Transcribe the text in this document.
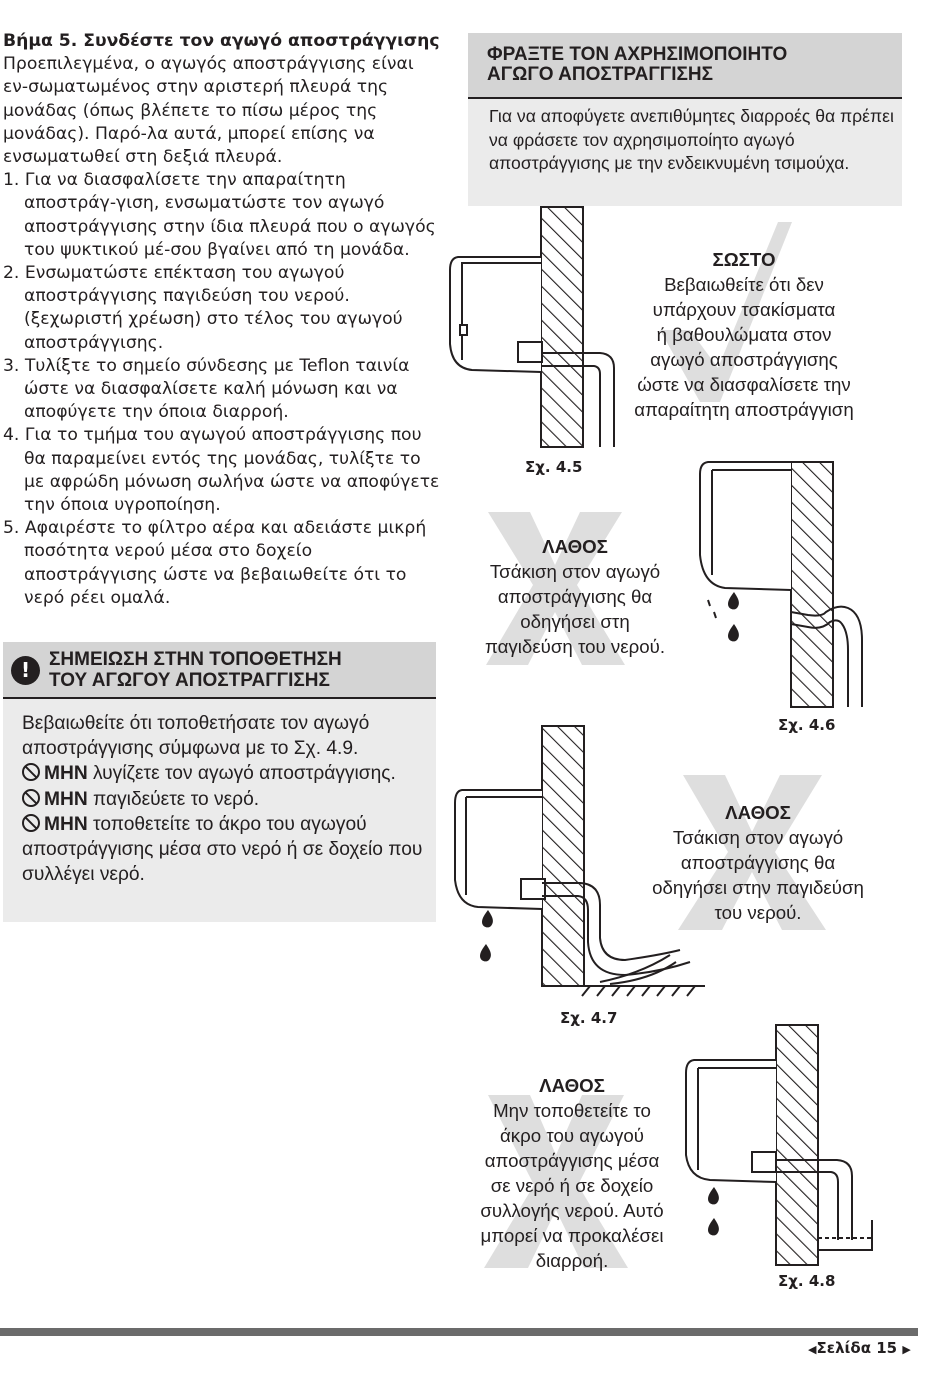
Βήμα 5. Συνδέστε τον αγωγό αποστράγγισης

Προεπιλεγμένα, ο αγωγός αποστράγγισης είναι εν-σωματωμένος στην αριστερή πλευρά της μονάδας (όπως βλέπετε το πίσω μέρος της μονάδας). Παρό-λα αυτά, μπορεί επίσης να ενσωματωθεί στη δεξιά πλευρά.

1. Για να διασφαλίσετε την απαραίτητη αποστράγ-γιση, ενσωματώστε τον αγωγό αποστράγγισης στην ίδια πλευρά που ο αγωγός του ψυκτικού μέ-σου βγαίνει από τη μονάδα.

2. Ενσωματώστε επέκταση του αγωγού αποστράγγισης παγιδεύση του νερού. (ξεχωριστή χρέωση) στο τέλος του αγωγού αποστράγγισης.

3. Τυλίξτε το σημείο σύνδεσης με Teflon ταινία ώστε να διασφαλίσετε καλή μόνωση και να αποφύγετε την όποια διαρροή.

4. Για το τμήμα του αγωγού αποστράγγισης που θα παραμείνει εντός της μονάδας, τυλίξτε το με αφρώδη μόνωση σωλήνα ώστε να αποφύγετε την όποια υγροποίηση.

5. Αφαιρέστε το φίλτρο αέρα και αδειάστε μικρή ποσότητα νερού μέσα στο δοχείο αποστράγγισης ώστε να βεβαιωθείτε ότι το νερό ρέει ομαλά.

! ΣΗΜΕΙΩΣΗ ΣΤΗΝ ΤΟΠΟΘΕΤΗΣΗ
ΤΟΥ ΑΓΩΓΟΥ ΑΠΟΣΤΡΑΓΓΙΣΗΣ

Βεβαιωθείτε ότι τοποθετήσατε τον αγωγό αποστράγγισης σύμφωνα με το Σχ. 4.9.

ΜΗΝ λυγίζετε τον αγωγό αποστράγγισης.

ΜΗΝ παγιδεύετε το νερό.

ΜΗΝ τοποθετείτε το άκρο του αγωγού αποστράγγισης μέσα στο νερό ή σε δοχείο που συλλέγει νερό.

ΦΡΑΞΤΕ ΤΟΝ ΑΧΡΗΣΙΜΟΠΟΙΗΤΟ
ΑΓΩΓΟ ΑΠΟΣΤΡΑΓΓΙΣΗΣ
Για να αποφύγετε ανεπιθύμητες διαρροές θα πρέπει να φράσετε τον αχρησιμοποίητο αγωγό αποστράγγισης με την ενδεικνυμένη τσιμούχα.
Σχ. 4.5
Σχ. 4.6
Σχ. 4.7
Σχ. 4.8

ΣΩΣΤΟ

Βεβαιωθείτε ότι δεν

υπάρχουν τσακίσματα

ή βαθουλώματα στον

αγωγό αποστράγγισης

ώστε να διασφαλίσετε την

απαραίτητη αποστράγγιση

ΛΑΘΟΣ

Τσάκιση στον αγωγό

αποστράγγισης θα

οδηγήσει στη

παγιδεύση του νερού.

ΛΑΘΟΣ

Τσάκιση στον αγωγό

αποστράγγισης θα

οδηγήσει στην παγιδεύση

του νερού.

ΛΑΘΟΣ

Μην τοποθετείτε το

άκρο του αγωγού

αποστράγγισης μέσα

σε νερό ή σε δοχείο

συλλογής νερού. Αυτό

μπορεί να προκαλέσει

διαρροή.

◀Σελίδα 15 ▶
